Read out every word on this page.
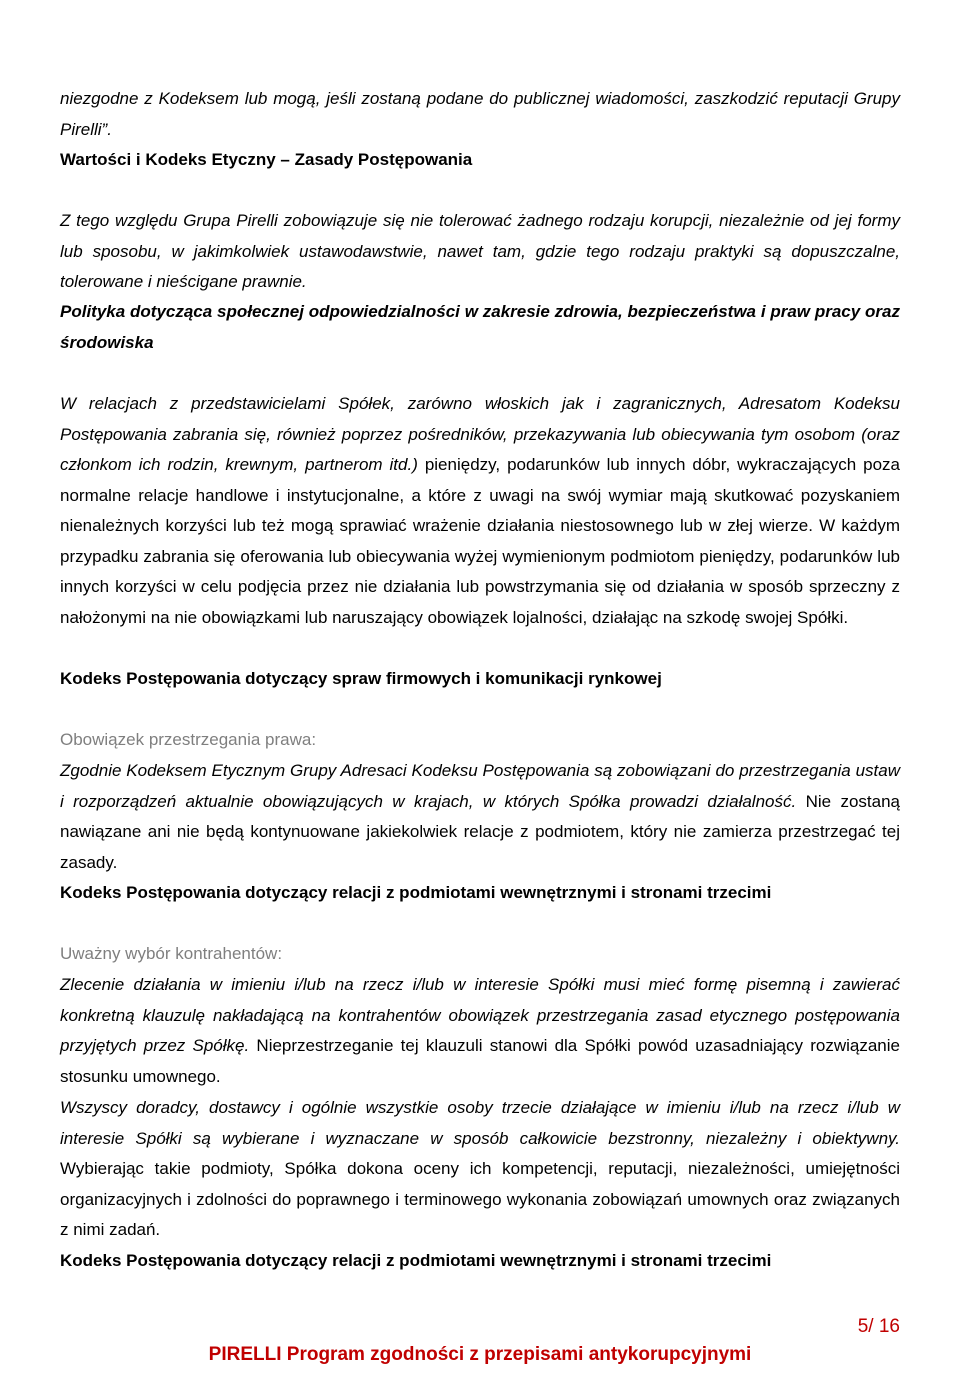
niezgodne z Kodeksem lub mogą, jeśli zostaną podane do publicznej wiadomości, zaszkodzić reputacji Grupy Pirelli”.

Wartości i Kodeks Etyczny – Zasady Postępowania

Z tego względu Grupa Pirelli zobowiązuje się nie tolerować żadnego rodzaju korupcji, niezależnie od jej formy lub sposobu, w jakimkolwiek ustawodawstwie, nawet tam, gdzie tego rodzaju praktyki są dopuszczalne, tolerowane i nieścigane prawnie.

Polityka dotycząca społecznej odpowiedzialności w zakresie zdrowia, bezpieczeństwa i praw pracy oraz środowiska

W relacjach z przedstawicielami Spółek, zarówno włoskich jak i zagranicznych, Adresatom Kodeksu Postępowania zabrania się, również poprzez pośredników, przekazywania lub obiecywania tym osobom (oraz członkom ich rodzin, krewnym, partnerom itd.) pieniędzy, podarunków lub innych dóbr, wykraczających poza normalne relacje handlowe i instytucjonalne, a które z uwagi na swój wymiar mają skutkować pozyskaniem nienależnych korzyści lub też mogą sprawiać wrażenie działania niestosownego lub w złej wierze. W każdym przypadku zabrania się oferowania lub obiecywania wyżej wymienionym podmiotom pieniędzy, podarunków lub innych korzyści w celu podjęcia przez nie działania lub powstrzymania się od działania w sposób sprzeczny z nałożonymi na nie obowiązkami lub naruszający obowiązek lojalności, działając na szkodę swojej Spółki.

Kodeks Postępowania dotyczący spraw firmowych i komunikacji rynkowej

Obowiązek przestrzegania prawa:

Zgodnie Kodeksem Etycznym Grupy Adresaci Kodeksu Postępowania są zobowiązani do przestrzegania ustaw i rozporządzeń aktualnie obowiązujących w krajach, w których Spółka prowadzi działalność. Nie zostaną nawiązane ani nie będą kontynuowane jakiekolwiek relacje z podmiotem, który nie zamierza przestrzegać tej zasady.

Kodeks Postępowania dotyczący relacji z podmiotami wewnętrznymi i stronami trzecimi

Uważny wybór kontrahentów:

Zlecenie działania w imieniu i/lub na rzecz i/lub w interesie Spółki musi mieć formę pisemną i zawierać konkretną klauzulę nakładającą na kontrahentów obowiązek przestrzegania zasad etycznego postępowania przyjętych przez Spółkę. Nieprzestrzeganie tej klauzuli stanowi dla Spółki powód uzasadniający rozwiązanie stosunku umownego.

Wszyscy doradcy, dostawcy i ogólnie wszystkie osoby trzecie działające w imieniu i/lub na rzecz i/lub w interesie Spółki są wybierane i wyznaczane w sposób całkowicie bezstronny, niezależny i obiektywny. Wybierając takie podmioty, Spółka dokona oceny ich kompetencji, reputacji, niezależności, umiejętności organizacyjnych i zdolności do poprawnego i terminowego wykonania zobowiązań umownych oraz związanych z nimi zadań.

Kodeks Postępowania dotyczący relacji z podmiotami wewnętrznymi i stronami trzecimi

5/ 16
PIRELLI Program zgodności z przepisami antykorupcyjnymi
